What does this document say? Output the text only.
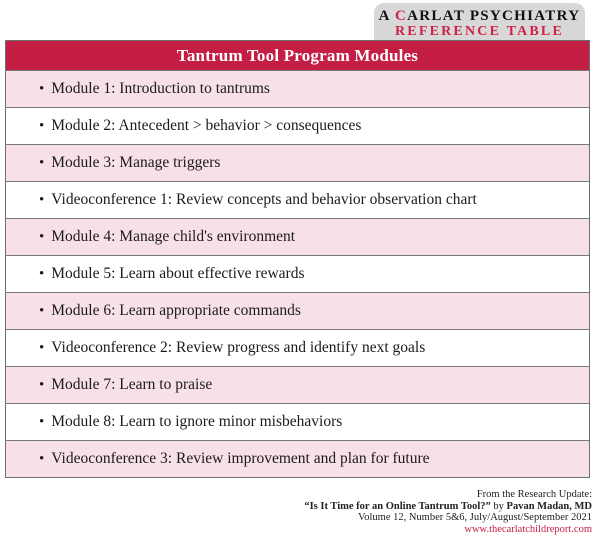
A CARLAT PSYCHIATRY
REFERENCE TABLE
Tantrum Tool Program Modules
• Module 1: Introduction to tantrums
• Module 2: Antecedent > behavior > consequences
• Module 3: Manage triggers
• Videoconference 1: Review concepts and behavior observation chart
• Module 4: Manage child's environment
• Module 5: Learn about effective rewards
• Module 6: Learn appropriate commands
• Videoconference 2: Review progress and identify next goals
• Module 7: Learn to praise
• Module 8: Learn to ignore minor misbehaviors
• Videoconference 3: Review improvement and plan for future
From the Research Update:
“Is It Time for an Online Tantrum Tool?” by Pavan Madan, MD
Volume 12, Number 5&6, July/August/September 2021
www.thecarlatchildreport.com
